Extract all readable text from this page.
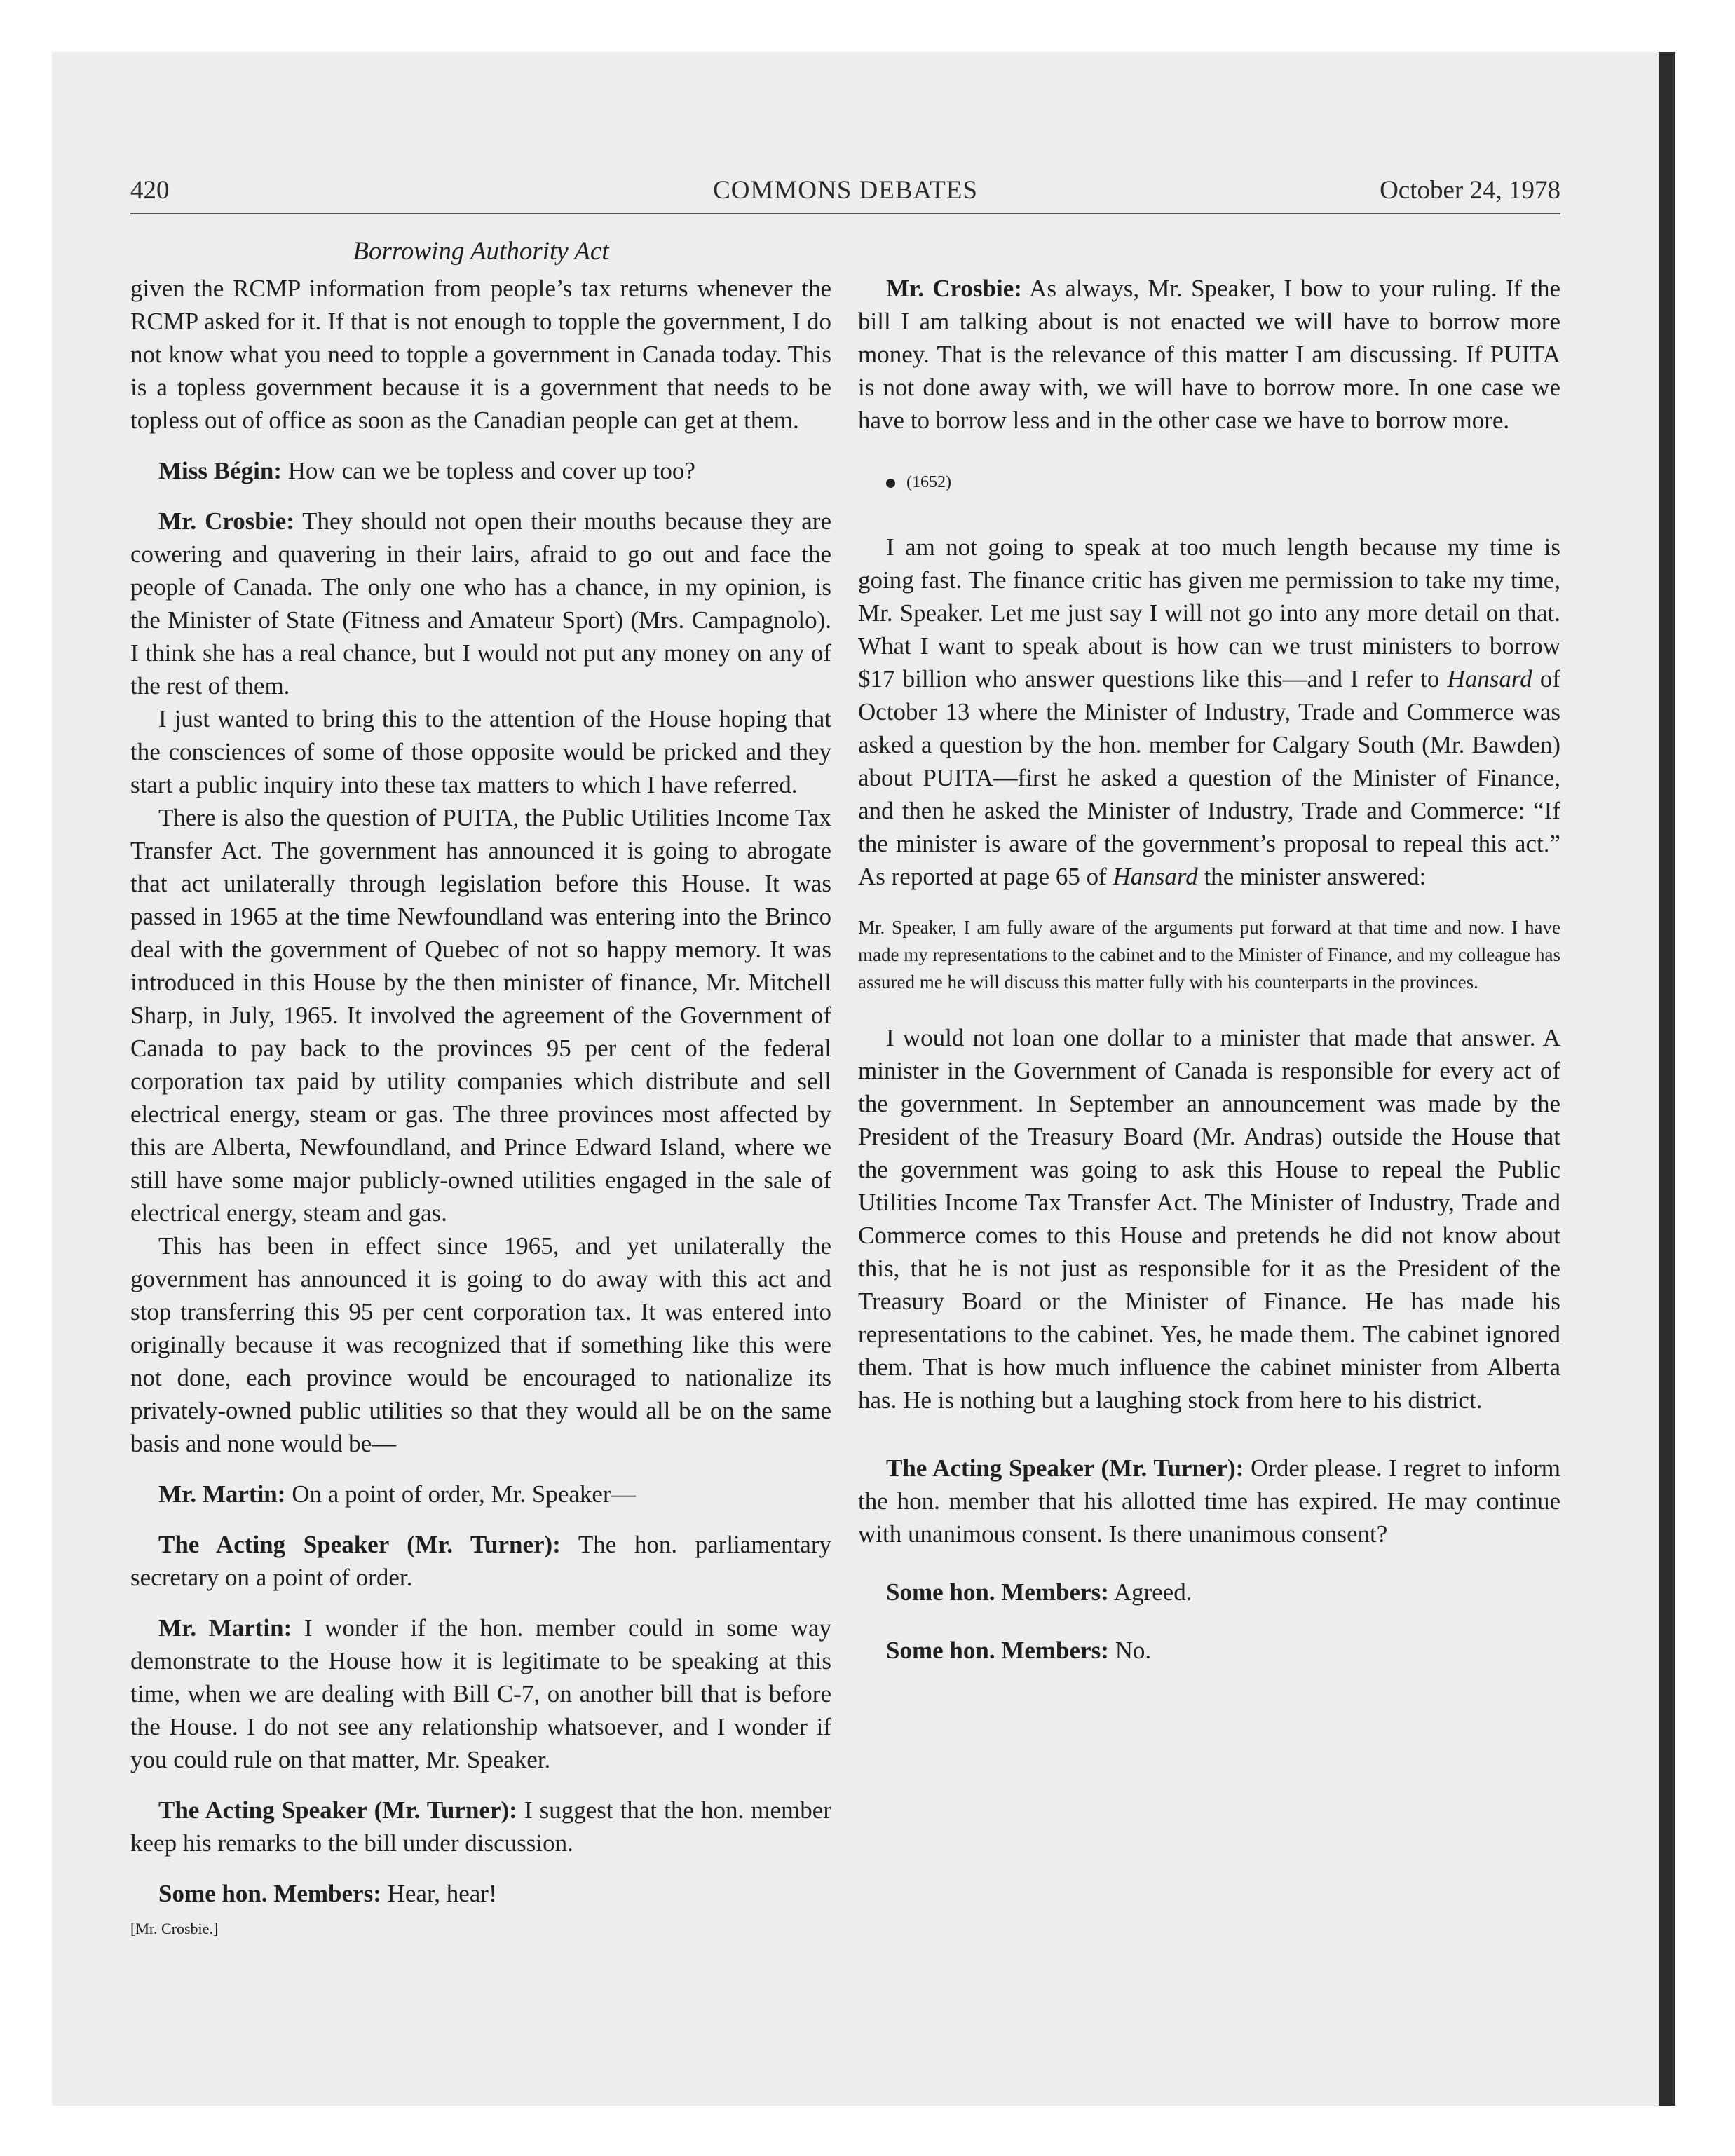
420	COMMONS DEBATES	October 24, 1978
Borrowing Authority Act

given the RCMP information from people’s tax returns whenever the RCMP asked for it. If that is not enough to topple the government, I do not know what you need to topple a government in Canada today. This is a topless government because it is a government that needs to be topless out of office as soon as the Canadian people can get at them.

Miss Bégin: How can we be topless and cover up too?

Mr. Crosbie: They should not open their mouths because they are cowering and quavering in their lairs, afraid to go out and face the people of Canada. The only one who has a chance, in my opinion, is the Minister of State (Fitness and Amateur Sport) (Mrs. Campagnolo). I think she has a real chance, but I would not put any money on any of the rest of them.

I just wanted to bring this to the attention of the House hoping that the consciences of some of those opposite would be pricked and they start a public inquiry into these tax matters to which I have referred.

There is also the question of PUITA, the Public Utilities Income Tax Transfer Act. The government has announced it is going to abrogate that act unilaterally through legislation before this House. It was passed in 1965 at the time Newfoundland was entering into the Brinco deal with the government of Quebec of not so happy memory. It was introduced in this House by the then minister of finance, Mr. Mitchell Sharp, in July, 1965. It involved the agreement of the Government of Canada to pay back to the provinces 95 per cent of the federal corporation tax paid by utility companies which distribute and sell electrical energy, steam or gas. The three provinces most affected by this are Alberta, Newfoundland, and Prince Edward Island, where we still have some major publicly-owned utilities engaged in the sale of electrical energy, steam and gas.

This has been in effect since 1965, and yet unilaterally the government has announced it is going to do away with this act and stop transferring this 95 per cent corporation tax. It was entered into originally because it was recognized that if something like this were not done, each province would be encouraged to nationalize its privately-owned public utilities so that they would all be on the same basis and none would be—

Mr. Martin: On a point of order, Mr. Speaker—

The Acting Speaker (Mr. Turner): The hon. parliamentary secretary on a point of order.

Mr. Martin: I wonder if the hon. member could in some way demonstrate to the House how it is legitimate to be speaking at this time, when we are dealing with Bill C-7, on another bill that is before the House. I do not see any relationship whatsoever, and I wonder if you could rule on that matter, Mr. Speaker.

The Acting Speaker (Mr. Turner): I suggest that the hon. member keep his remarks to the bill under discussion.

Some hon. Members: Hear, hear!

[Mr. Crosbie.]

Mr. Crosbie: As always, Mr. Speaker, I bow to your ruling. If the bill I am talking about is not enacted we will have to borrow more money. That is the relevance of this matter I am discussing. If PUITA is not done away with, we will have to borrow more. In one case we have to borrow less and in the other case we have to borrow more.

(1652)

I am not going to speak at too much length because my time is going fast. The finance critic has given me permission to take my time, Mr. Speaker. Let me just say I will not go into any more detail on that. What I want to speak about is how can we trust ministers to borrow $17 billion who answer questions like this—and I refer to Hansard of October 13 where the Minister of Industry, Trade and Commerce was asked a question by the hon. member for Calgary South (Mr. Bawden) about PUITA—first he asked a question of the Minister of Finance, and then he asked the Minister of Industry, Trade and Commerce: “If the minister is aware of the government’s proposal to repeal this act.” As reported at page 65 of Hansard the minister answered:

Mr. Speaker, I am fully aware of the arguments put forward at that time and now. I have made my representations to the cabinet and to the Minister of Finance, and my colleague has assured me he will discuss this matter fully with his counterparts in the provinces.

I would not loan one dollar to a minister that made that answer. A minister in the Government of Canada is responsible for every act of the government. In September an announcement was made by the President of the Treasury Board (Mr. Andras) outside the House that the government was going to ask this House to repeal the Public Utilities Income Tax Transfer Act. The Minister of Industry, Trade and Commerce comes to this House and pretends he did not know about this, that he is not just as responsible for it as the President of the Treasury Board or the Minister of Finance. He has made his representations to the cabinet. Yes, he made them. The cabinet ignored them. That is how much influence the cabinet minister from Alberta has. He is nothing but a laughing stock from here to his district.

The Acting Speaker (Mr. Turner): Order please. I regret to inform the hon. member that his allotted time has expired. He may continue with unanimous consent. Is there unanimous consent?

Some hon. Members: Agreed.

Some hon. Members: No.
